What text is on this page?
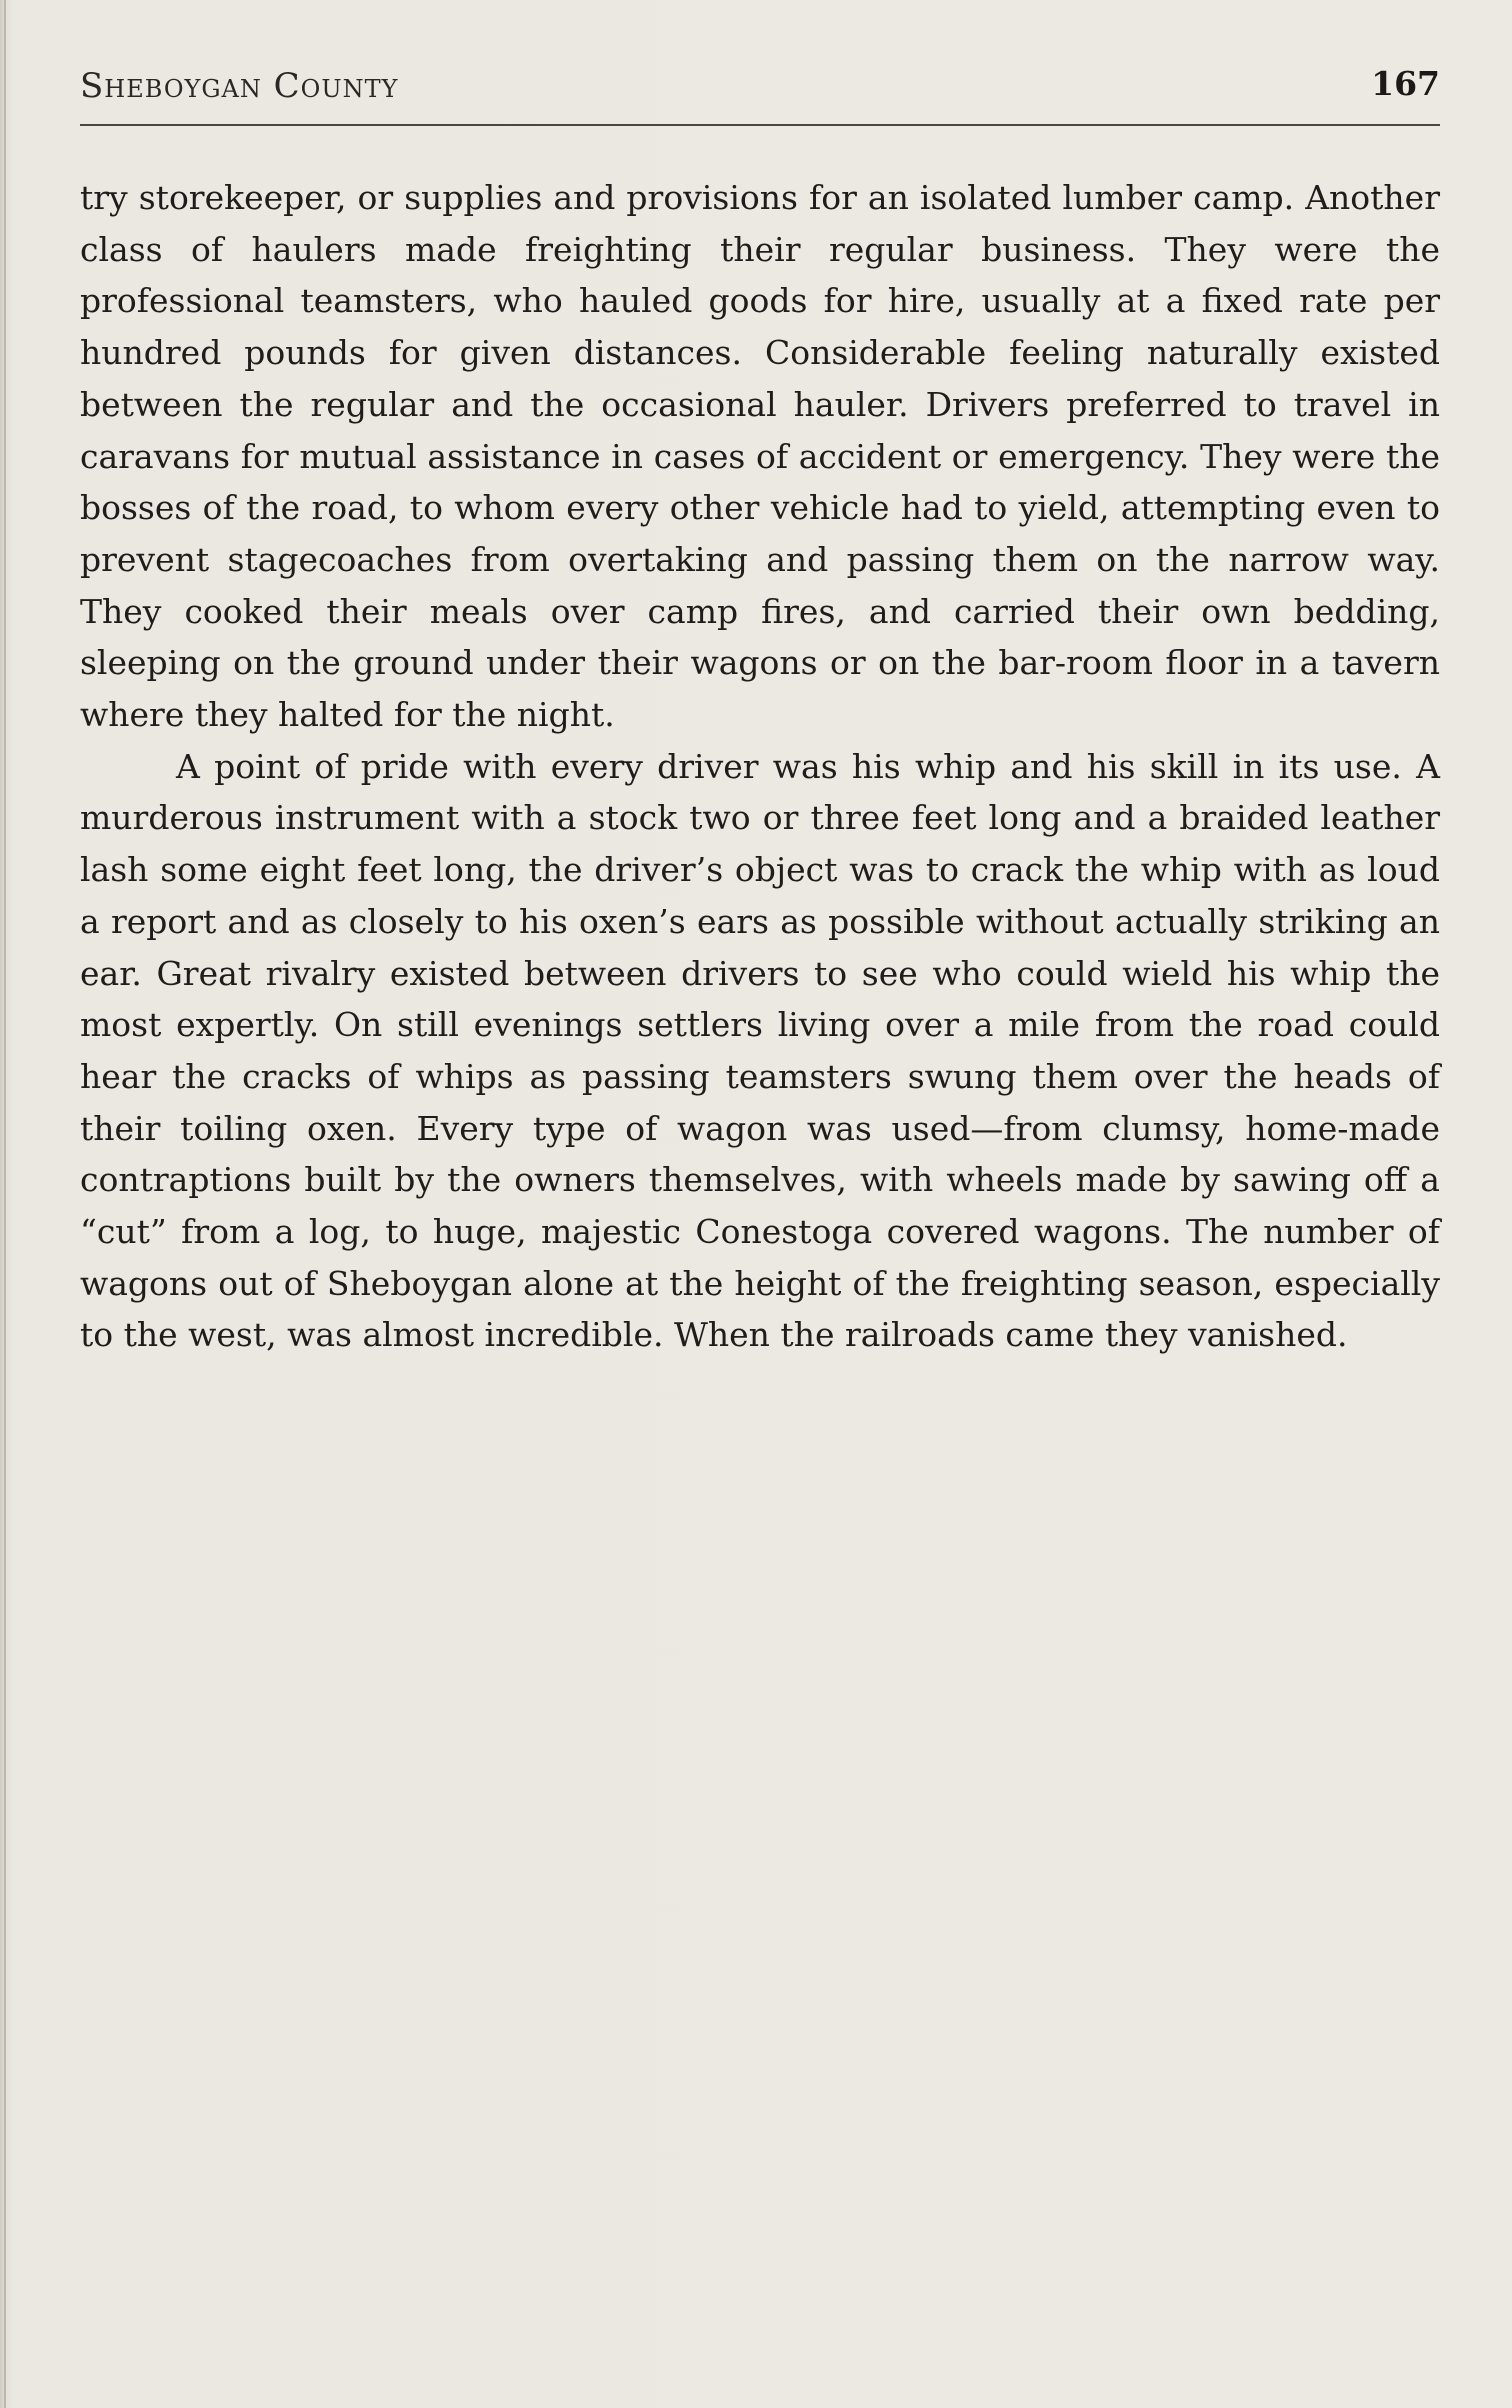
Sheboygan County	167

try storekeeper, or supplies and provisions for an isolated lumber camp. Another class of haulers made freighting their regular business. They were the professional teamsters, who hauled goods for hire, usually at a fixed rate per hundred pounds for given distances. Considerable feeling naturally existed between the regular and the occasional hauler. Drivers preferred to travel in caravans for mutual assistance in cases of accident or emergency. They were the bosses of the road, to whom every other vehicle had to yield, attempting even to prevent stagecoaches from overtaking and passing them on the narrow way. They cooked their meals over camp fires, and carried their own bedding, sleeping on the ground under their wagons or on the bar-room floor in a tavern where they halted for the night.

A point of pride with every driver was his whip and his skill in its use. A murderous instrument with a stock two or three feet long and a braided leather lash some eight feet long, the driver’s object was to crack the whip with as loud a report and as closely to his oxen’s ears as possible without actually striking an ear. Great rivalry existed between drivers to see who could wield his whip the most expertly. On still evenings settlers living over a mile from the road could hear the cracks of whips as passing teamsters swung them over the heads of their toiling oxen. Every type of wagon was used—from clumsy, home-made contraptions built by the owners themselves, with wheels made by sawing off a “cut” from a log, to huge, majestic Conestoga covered wagons. The number of wagons out of Sheboygan alone at the height of the freighting season, especially to the west, was almost incredible. When the railroads came they vanished.
